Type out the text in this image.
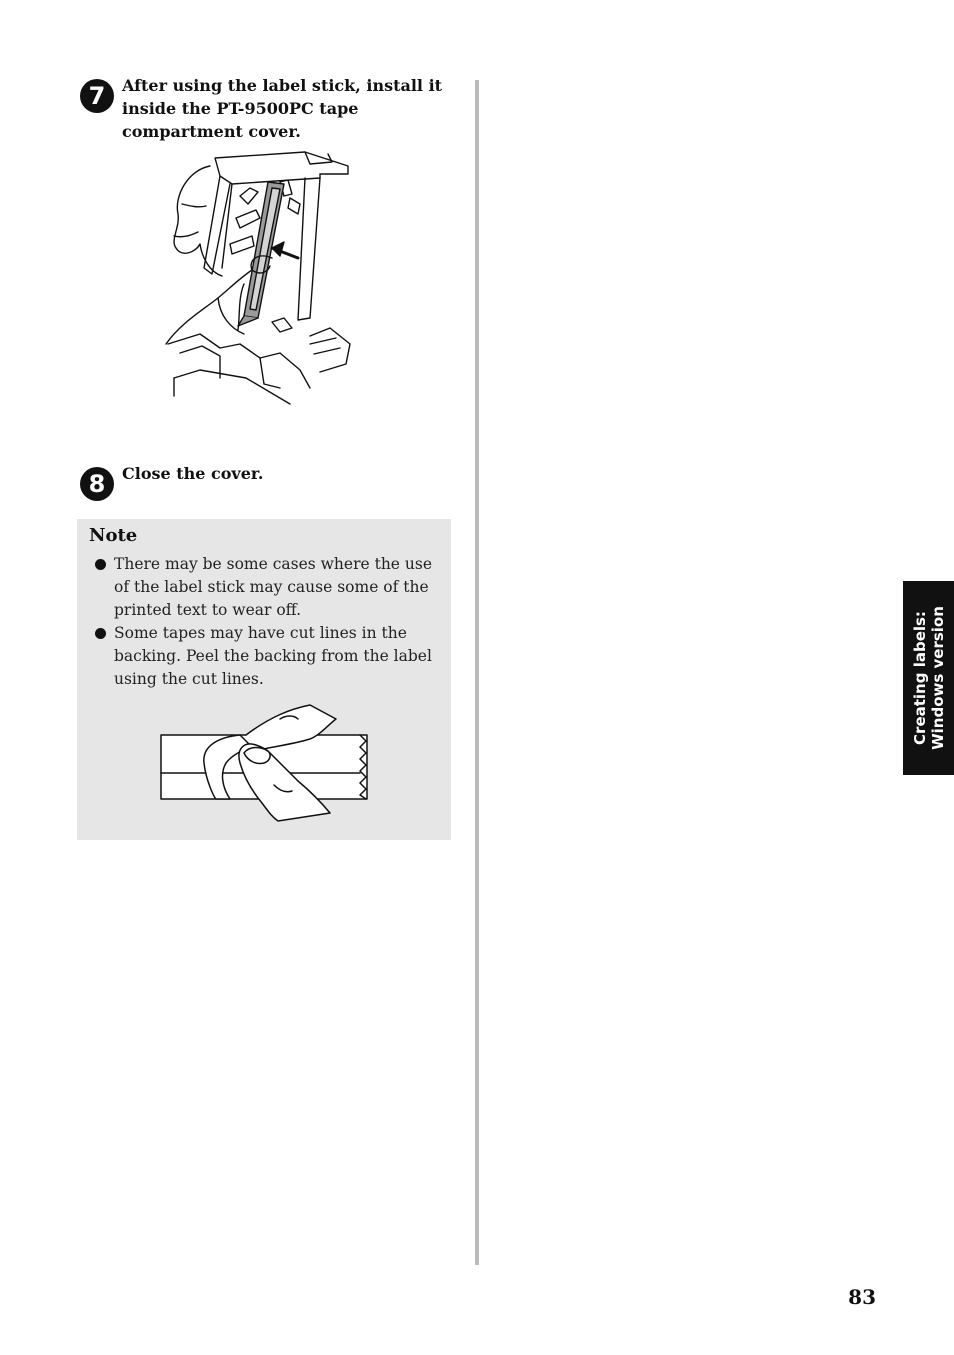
7	After using the label stick, install it inside the PT-9500PC tape compartment cover.
8	Close the cover.
Note
There may be some cases where the use of the label stick may cause some of the printed text to wear off.
Some tapes may have cut lines in the backing. Peel the backing from the label using the cut lines.	Creating labels: Windows version
83
